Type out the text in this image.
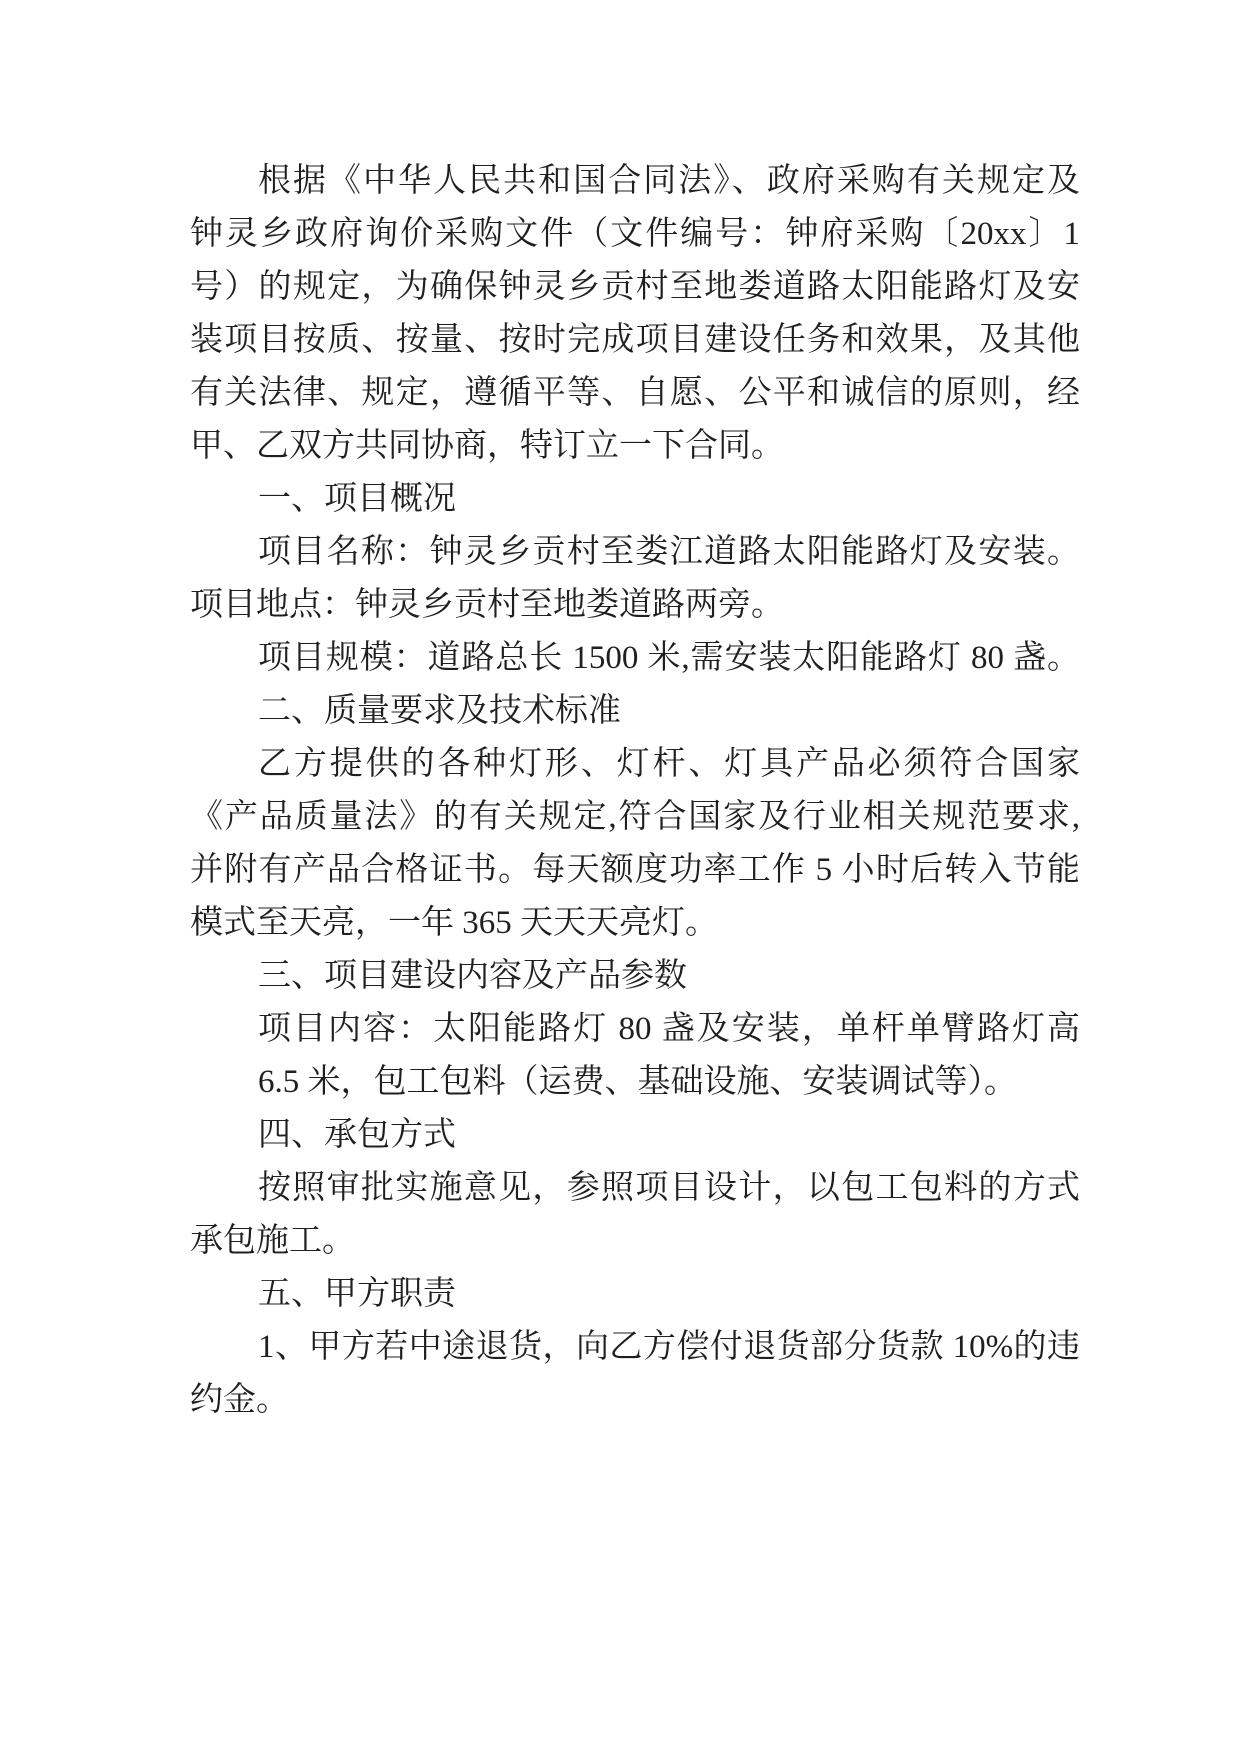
根据《中华人民共和国合同法》、政府采购有关规定及
钟灵乡政府询价采购文件（文件编号：钟府采购〔20xx〕1
号）的规定，为确保钟灵乡贡村至地娄道路太阳能路灯及安
装项目按质、按量、按时完成项目建设任务和效果，及其他
有关法律、规定，遵循平等、自愿、公平和诚信的原则，经
甲、乙双方共同协商，特订立一下合同。
一、项目概况
项目名称：钟灵乡贡村至娄江道路太阳能路灯及安装。
项目地点：钟灵乡贡村至地娄道路两旁。
项目规模：道路总长 1500 米,需安装太阳能路灯 80 盏。
二、质量要求及技术标准
乙方提供的各种灯形、灯杆、灯具产品必须符合国家
《产品质量法》的有关规定,符合国家及行业相关规范要求,
并附有产品合格证书。每天额度功率工作 5 小时后转入节能
模式至天亮，一年 365 天天天亮灯。
三、项目建设内容及产品参数
项目内容：太阳能路灯 80 盏及安装，单杆单臂路灯高
6.5 米，包工包料（运费、基础设施、安装调试等）。
四、承包方式
按照审批实施意见，参照项目设计，以包工包料的方式
承包施工。
五、甲方职责
1、甲方若中途退货，向乙方偿付退货部分货款 10%的违
约金。
